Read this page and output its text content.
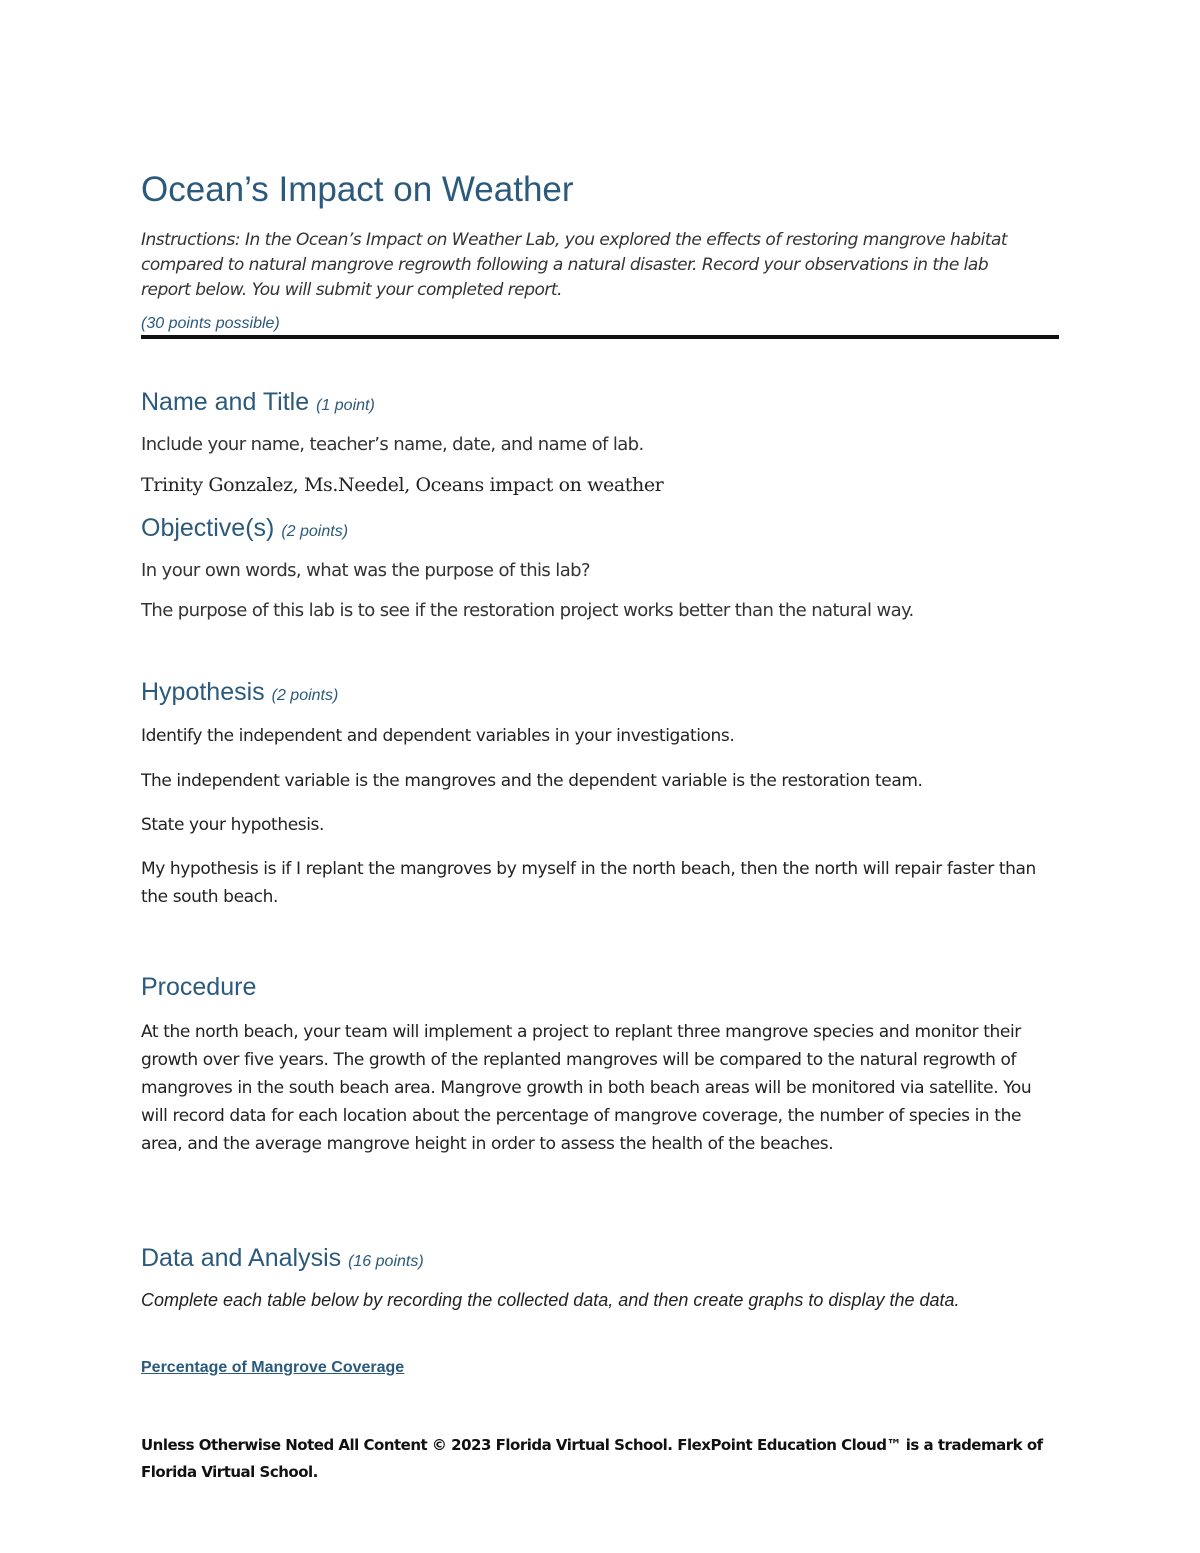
Ocean’s Impact on Weather
Instructions: In the Ocean’s Impact on Weather Lab, you explored the effects of restoring mangrove habitat compared to natural mangrove regrowth following a natural disaster. Record your observations in the lab report below. You will submit your completed report.
(30 points possible)
Name and Title (1 point)
Include your name, teacher’s name, date, and name of lab.
Trinity Gonzalez, Ms.Needel, Oceans impact on weather
Objective(s) (2 points)
In your own words, what was the purpose of this lab?
The purpose of this lab is to see if the restoration project works better than the natural way.
Hypothesis (2 points)
Identify the independent and dependent variables in your investigations.
The independent variable is the mangroves and the dependent variable is the restoration team.
State your hypothesis.
My hypothesis is if I replant the mangroves by myself in the north beach, then the north will repair faster than the south beach.
Procedure
At the north beach, your team will implement a project to replant three mangrove species and monitor their growth over five years. The growth of the replanted mangroves will be compared to the natural regrowth of mangroves in the south beach area. Mangrove growth in both beach areas will be monitored via satellite. You will record data for each location about the percentage of mangrove coverage, the number of species in the area, and the average mangrove height in order to assess the health of the beaches.
Data and Analysis (16 points)
Complete each table below by recording the collected data, and then create graphs to display the data.
Percentage of Mangrove Coverage
Unless Otherwise Noted All Content © 2023 Florida Virtual School. FlexPoint Education Cloud™ is a trademark of Florida Virtual School.
